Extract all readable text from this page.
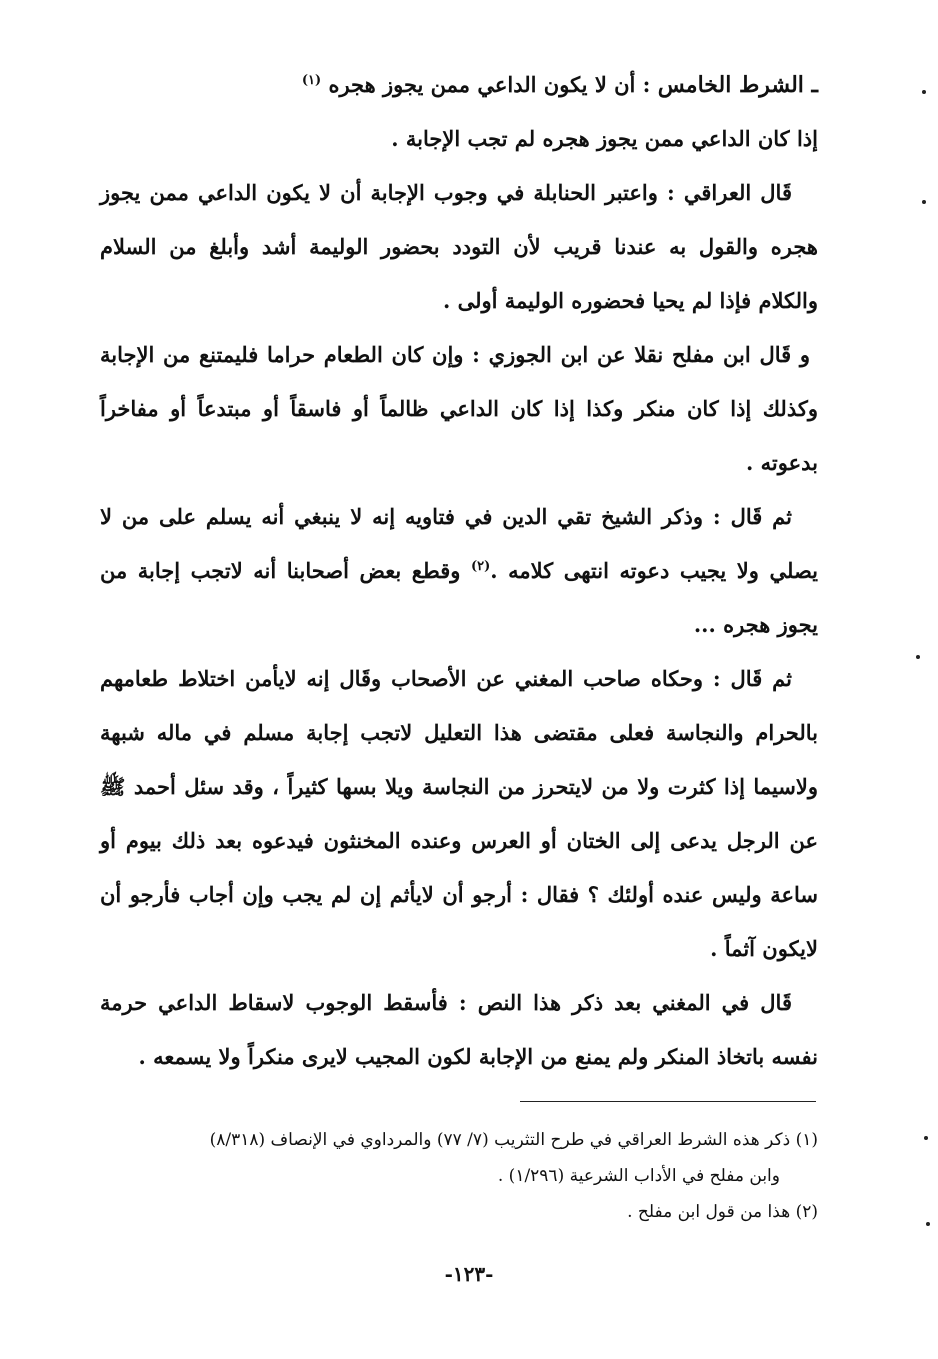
ـ الشرط الخامس : أن لا يكون الداعي ممن يجوز هجره $^{(١)}$

إذا كان الداعي ممن يجوز هجره لم تجب الإجابة .

قَال العراقي : واعتبر الحنابلة في وجوب الإجابة أن لا يكون الداعي ممن يجوز هجره والقول به عندنا قريب لأن التودد بحضور الوليمة أشد وأبلغ من السلام والكلام فإذا لم يحيا فحضوره الوليمة أولى .

و قَال ابن مفلح نقلا عن ابن الجوزي : وإن كان الطعام حراما فليمتنع من الإجابة وكذلك إذا كان منكر وكذا إذا كان الداعي ظالماً أو فاسقاً أو مبتدعاً أو مفاخراً بدعوته .

ثم قَال : وذكر الشيخ تقي الدين في فتاويه إنه لا ينبغي أنه يسلم على من لا يصلي ولا يجيب دعوته انتهى كلامه .$^{(٢)}$ وقطع بعض أصحابنا أنه لاتجب إجابة من يجوز هجره ...

ثم قَال : وحكاه صاحب المغني عن الأصحاب وقَال إنه لايأمن اختلاط طعامهم بالحرام والنجاسة فعلى مقتضى هذا التعليل لاتجب إجابة مسلم في ماله شبهة ولاسيما إذا كثرت ولا من لايتحرز من النجاسة ويلا بسها كثيراً ، وقد سئل أحمد ﷺ عن الرجل يدعى إلى الختان أو العرس وعنده المخنثون فيدعوه بعد ذلك بيوم أو ساعة وليس عنده أولئك ؟ فقال : أرجو أن لايأثم إن لم يجب وإن أجاب فأرجو أن لايكون آثماً .

قَال في المغني بعد ذكر هذا النص : فأسقط الوجوب لاسقاط الداعي حرمة نفسه باتخاذ المنكر ولم يمنع من الإجابة لكون المجيب لايرى منكراً ولا يسمعه .

(١) ذكر هذه الشرط العراقي في طرح التثريب (٧/ ٧٧) والمرداوي في الإنصاف (٨/٣١٨)

وابن مفلح في الأداب الشرعية (١/٢٩٦) .

(٢) هذا من قول ابن مفلح .

-١٢٣-
